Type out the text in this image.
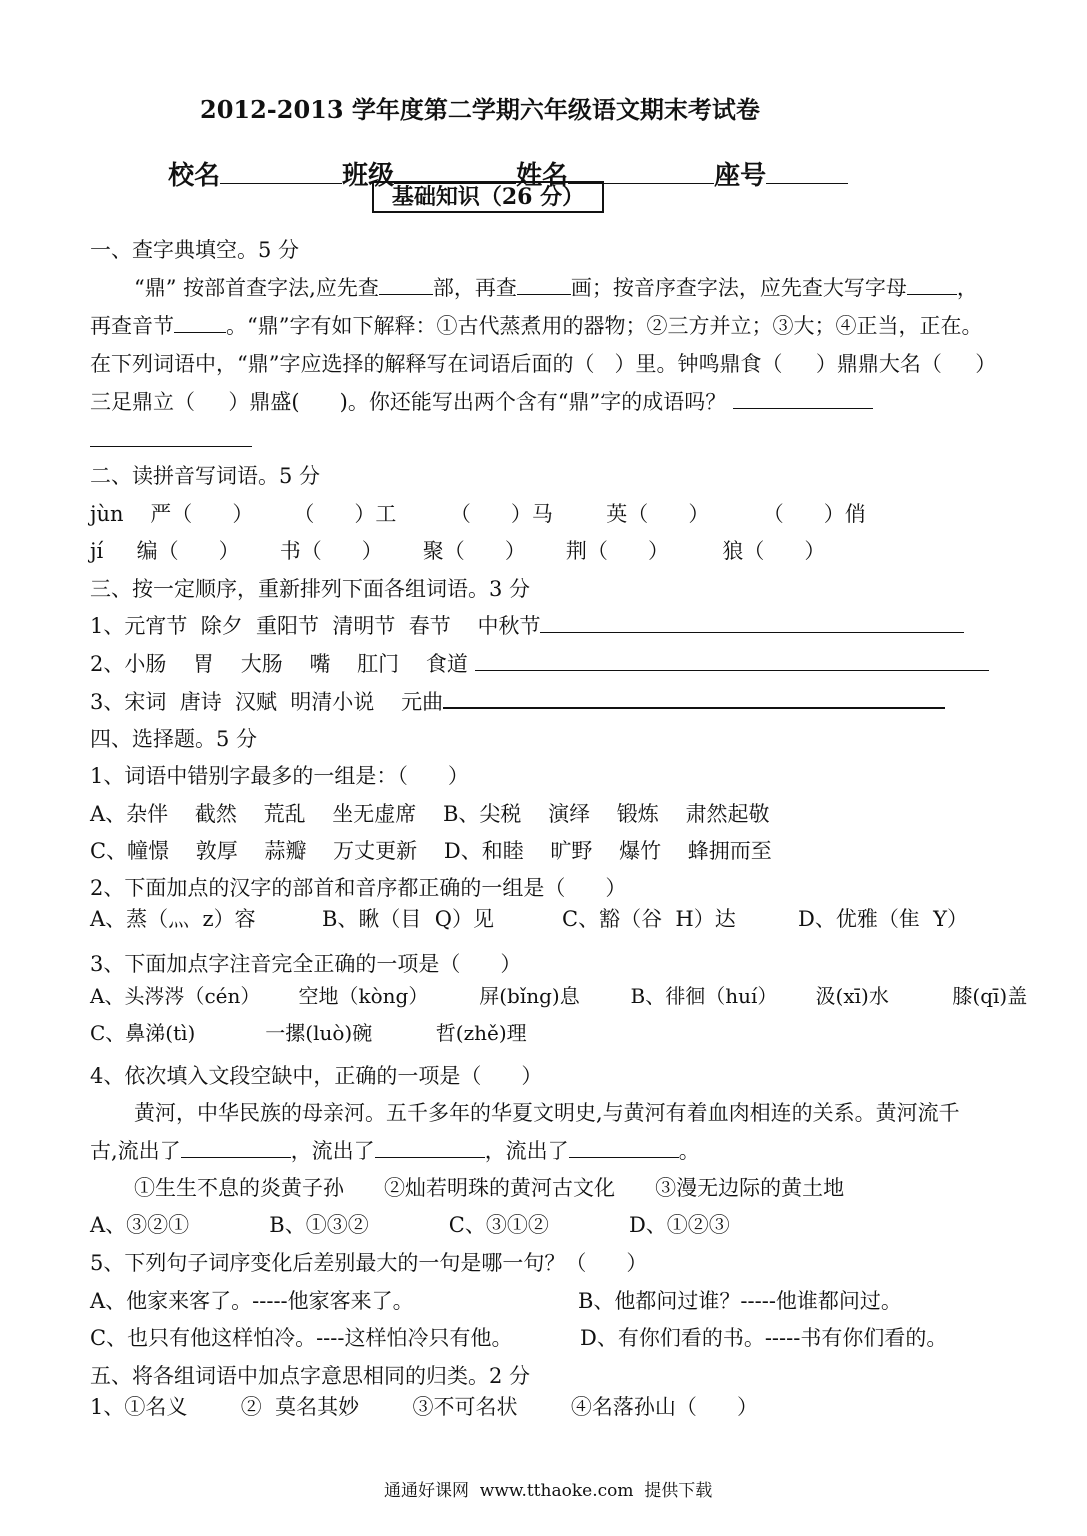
2012-2013 学年度第二学期六年级语文期末考试卷

校名	班级	姓名	座号

基础知识（26 分）
一、查字典填空。5 分
“鼎” 按部首查字法,应先查	部，再查	画；按音序查字法，应先查大写字母 ，
再查音节 。“鼎”字有如下解释：①古代蒸煮用的器物；②三方并立；③大；④正当，正在。
在下列词语中，“鼎”字应选择的解释写在词语后面的（   ）里。钟鸣鼎食（     ）鼎鼎大名（     ）
三足鼎立（     ）鼎盛(      )。你还能写出两个含有“鼎”字的成语吗？
二、读拼音写词语。5 分
jùn    严（      ）      （      ）工        （      ）马        英（      ）        （      ）俏
jí     编（      ）      书（      ）      聚（      ）      荆（      ）        狼（      ）
三、按一定顺序，重新排列下面各组词语。3 分
1、元宵节  除夕  重阳节  清明节  春节    中秋节
2、小肠    胃    大肠    嘴    肛门    食道
3、宋词  唐诗  汉赋  明清小说    元曲
四、选择题。5 分
1、词语中错别字最多的一组是：（      ）
A、杂伴    截然    荒乱    坐无虚席    B、尖税    演绎    锻炼    肃然起敬
C、幢憬    敦厚    蒜瓣    万丈更新    D、和睦    旷野    爆竹    蜂拥而至
2、下面加点的汉字的部首和音序都正确的一组是（      ）
A、蒸（灬  z）容	B、瞅（目  Q）见	C、豁（谷  H）达	D、优雅（隹  Y）
3、下面加点字注音完全正确的一项是（      ）
A、头涔涔（cén）      空地（kòng）        屏(bǐng)息        B、徘徊（huí）      汲(xī)水          膝(qī)盖
C、鼻涕(tì)           一摞(luò)碗          哲(zhě)理
4、依次填入文段空缺中，正确的一项是（      ）
黄河，中华民族的母亲河。五千多年的华夏文明史,与黄河有着血肉相连的关系。黄河流千
古,流出了	，流出了	，流出了	。
①生生不息的炎黄子孙      ②灿若明珠的黄河古文化      ③漫无边际的黄土地
A、③②①            B、①③②            C、③①②            D、①②③
5、下列句子词序变化后差别最大的一句是哪一句？（      ）
A、他家来客了。-----他家客来了。	B、他都问过谁？-----他谁都问过。
C、也只有他这样怕冷。----这样怕冷只有他。	D、有你们看的书。-----书有你们看的。
五、将各组词语中加点字意思相同的归类。2 分
1、①名义        ②  莫名其妙        ③不可名状        ④名落孙山（      ）
通通好课网  www.tthaoke.com  提供下载
